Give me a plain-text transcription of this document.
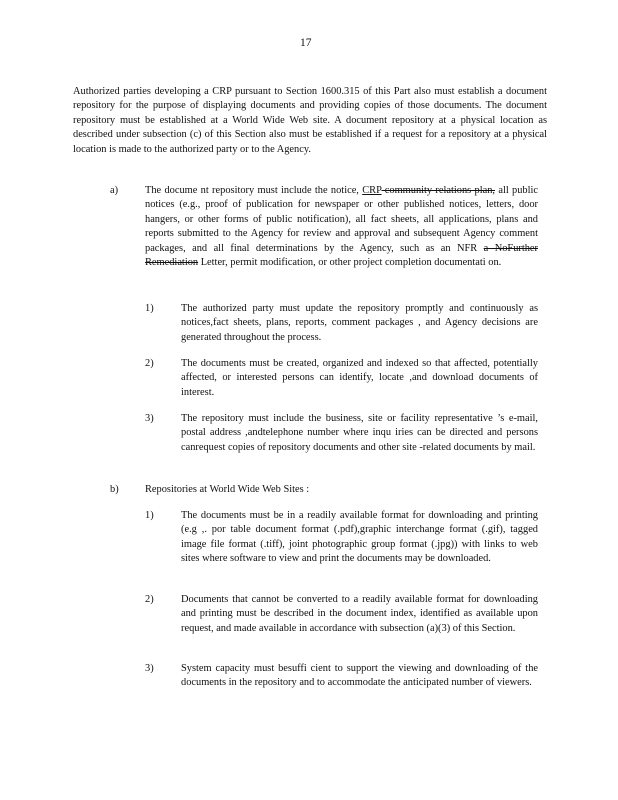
17
Authorized parties developing a CRP pursuant to Section 1600.315 of this Part also must establish a document repository for the purpose of displaying documents and providing copies of those documents. The document repository must be established at a World Wide Web site. A document repository at a physical location as described under subsection (c) of this Section also must be established if a request for a repository at a physical location is made to the authorized party or to the Agency.
a)	The docume nt repository must include the notice, CRP community relations plan, all public notices (e.g., proof of publication for newspaper or other published notices, letters, door hangers, or other forms of public notification), all fact sheets, all applications, plans and reports submitted to the Agency for review and approval and subsequent Agency comment packages, and all final determinations by the Agency, such as an NFR a NoFurther Remediation Letter, permit modification, or other project completion documentati on.
1)	The authorized party must update the repository promptly and continuously as notices,fact sheets, plans, reports, comment packages , and Agency decisions are generated throughout the process.
2)	The documents must be created, organized and indexed so that affected, potentially affected, or interested persons can identify, locate ,and download documents of interest.
3)	The repository must include the business, site or facility representative ’s e-mail, postal address ,andtelephone number where inqu iries can be directed and persons canrequest copies of repository documents and other site -related documents by mail.
b)	Repositories at World Wide Web Sites :
1)	The documents must be in a readily available format for downloading and printing (e.g ,. por table document format (.pdf),graphic interchange format (.gif), tagged image file format (.tiff), joint photographic group format (.jpg)) with links to web sites where software to view and print the documents may be downloaded.
2)	Documents that cannot be converted to a readily available format for downloading and printing must be described in the document index, identified as available upon request, and made available in accordance with subsection (a)(3) of this Section.
3)	System capacity must besuffi cient to support the viewing and downloading of the documents in the repository and to accommodate the anticipated number of viewers.
